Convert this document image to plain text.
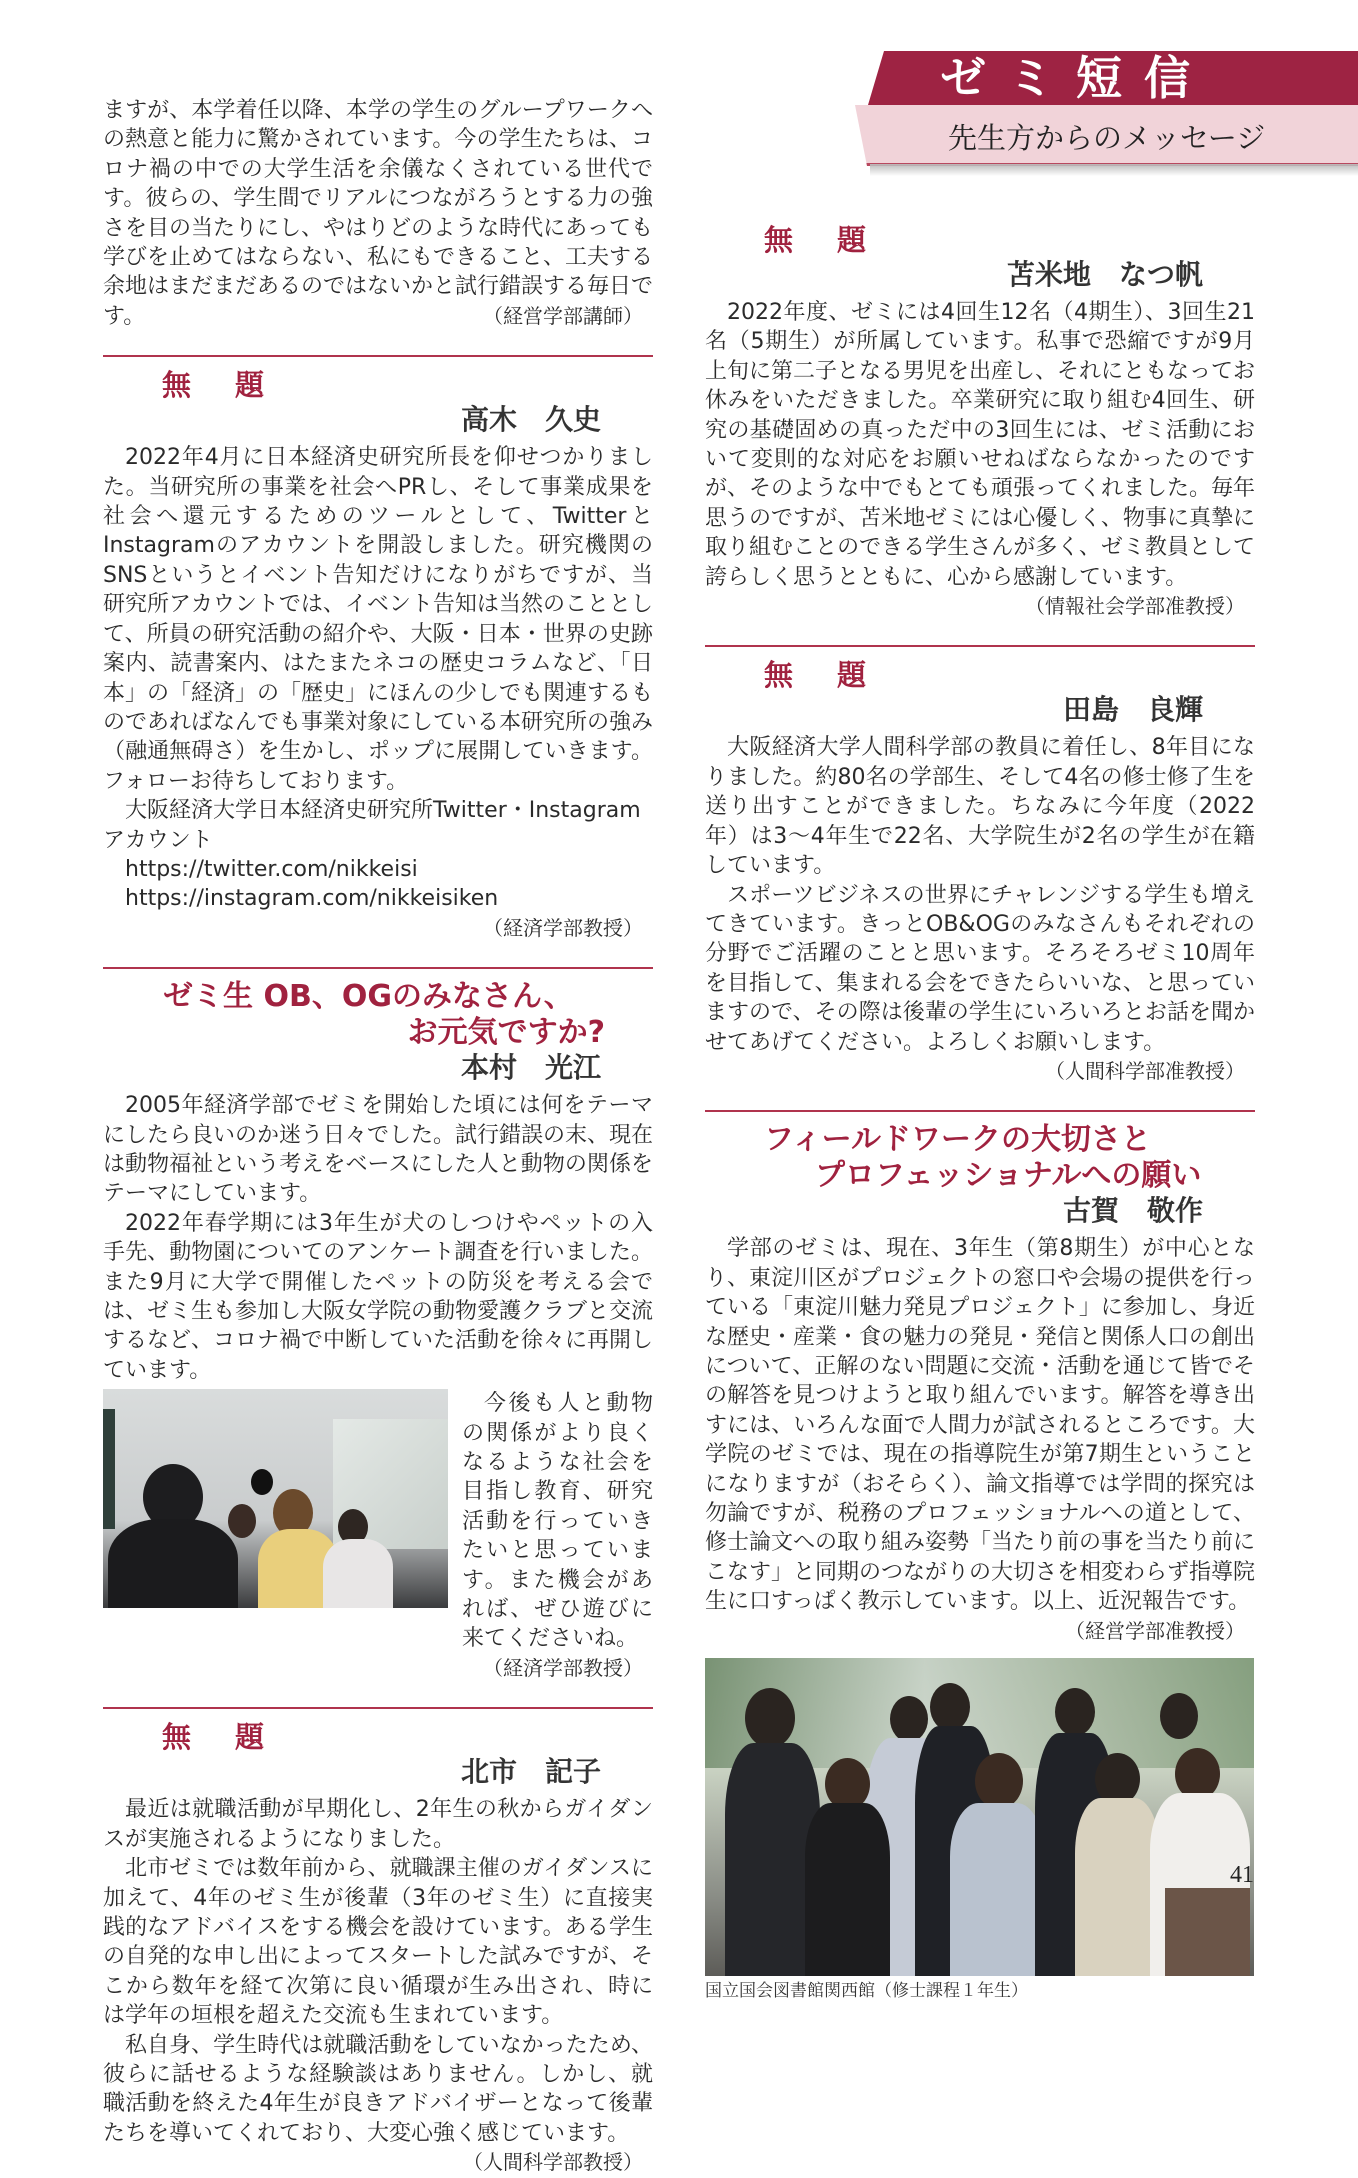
ゼミ短信
先生方からのメッセージ

ますが、本学着任以降、本学の学生のグループワークへの熱意と能力に驚かされています。今の学生たちは、コロナ禍の中での大学生活を余儀なくされている世代です。彼らの、学生間でリアルにつながろうとする力の強さを目の当たりにし、やはりどのような時代にあっても学びを止めてはならない、私にもできること、工夫する余地はまだまだあるのではないかと試行錯誤する毎日です。	（経営学部講師）

無 題
高木　久史

2022年4月に日本経済史研究所長を仰せつかりました。当研究所の事業を社会へPRし、そして事業成果を社会へ還元するためのツールとして、TwitterとInstagramのアカウントを開設しました。研究機関のSNSというとイベント告知だけになりがちですが、当研究所アカウントでは、イベント告知は当然のこととして、所員の研究活動の紹介や、大阪・日本・世界の史跡案内、読書案内、はたまたネコの歴史コラムなど、「日本」の「経済」の「歴史」にほんの少しでも関連するものであればなんでも事業対象にしている本研究所の強み（融通無碍さ）を生かし、ポップに展開していきます。フォローお待ちしております。

大阪経済大学日本経済史研究所Twitter・Instagramアカウント

https://twitter.com/nikkeisi

https://instagram.com/nikkeisiken
（経済学部教授）

ゼミ生 OB、OGのみなさん、
お元気ですか?
本村　光江

2005年経済学部でゼミを開始した頃には何をテーマにしたら良いのか迷う日々でした。試行錯誤の末、現在は動物福祉という考えをベースにした人と動物の関係をテーマにしています。

2022年春学期には3年生が犬のしつけやペットの入手先、動物園についてのアンケート調査を行いました。また9月に大学で開催したペットの防災を考える会では、ゼミ生も参加し大阪女学院の動物愛護クラブと交流するなど、コロナ禍で中断していた活動を徐々に再開しています。

今後も人と動物の関係がより良くなるような社会を目指し教育、研究活動を行っていきたいと思っています。また機会があれば、ぜひ遊びに来てくださいね。

（経済学部教授）
無 題
北市　記子

最近は就職活動が早期化し、2年生の秋からガイダンスが実施されるようになりました。

北市ゼミでは数年前から、就職課主催のガイダンスに加えて、4年のゼミ生が後輩（3年のゼミ生）に直接実践的なアドバイスをする機会を設けています。ある学生の自発的な申し出によってスタートした試みですが、そこから数年を経て次第に良い循環が生み出され、時には学年の垣根を超えた交流も生まれています。

私自身、学生時代は就職活動をしていなかったため、彼らに話せるような経験談はありません。しかし、就職活動を終えた4年生が良きアドバイザーとなって後輩たちを導いてくれており、大変心強く感じています。
（人間科学部教授）

無 題
苫米地　なつ帆

2022年度、ゼミには4回生12名（4期生）、3回生21名（5期生）が所属しています。私事で恐縮ですが9月上旬に第二子となる男児を出産し、それにともなってお休みをいただきました。卒業研究に取り組む4回生、研究の基礎固めの真っただ中の3回生には、ゼミ活動において変則的な対応をお願いせねばならなかったのですが、そのような中でもとても頑張ってくれました。毎年思うのですが、苫米地ゼミには心優しく、物事に真摯に取り組むことのできる学生さんが多く、ゼミ教員として誇らしく思うとともに、心から感謝しています。

（情報社会学部准教授）
無 題
田島　良輝

大阪経済大学人間科学部の教員に着任し、8年目になりました。約80名の学部生、そして4名の修士修了生を送り出すことができました。ちなみに今年度（2022年）は3～4年生で22名、大学院生が2名の学生が在籍しています。

スポーツビジネスの世界にチャレンジする学生も増えてきています。きっとOB&OGのみなさんもそれぞれの分野でご活躍のことと思います。そろそろゼミ10周年を目指して、集まれる会をできたらいいな、と思っていますので、その際は後輩の学生にいろいろとお話を聞かせてあげてください。よろしくお願いします。
（人間科学部准教授）

フィールドワークの大切さと
プロフェッショナルへの願い
古賀　敬作

学部のゼミは、現在、3年生（第8期生）が中心となり、東淀川区がプロジェクトの窓口や会場の提供を行っている「東淀川魅力発見プロジェクト」に参加し、身近な歴史・産業・食の魅力の発見・発信と関係人口の創出について、正解のない問題に交流・活動を通じて皆でその解答を見つけようと取り組んでいます。解答を導き出すには、いろんな面で人間力が試されるところです。大学院のゼミでは、現在の指導院生が第7期生ということになりますが（おそらく）、論文指導では学問的探究は勿論ですが、税務のプロフェッショナルへの道として、修士論文への取り組み姿勢「当たり前の事を当たり前にこなす」と同期のつながりの大切さを相変わらず指導院生に口すっぱく教示しています。以上、近況報告です。
（経営学部准教授）

国立国会図書館関西館（修士課程１年生）
41
